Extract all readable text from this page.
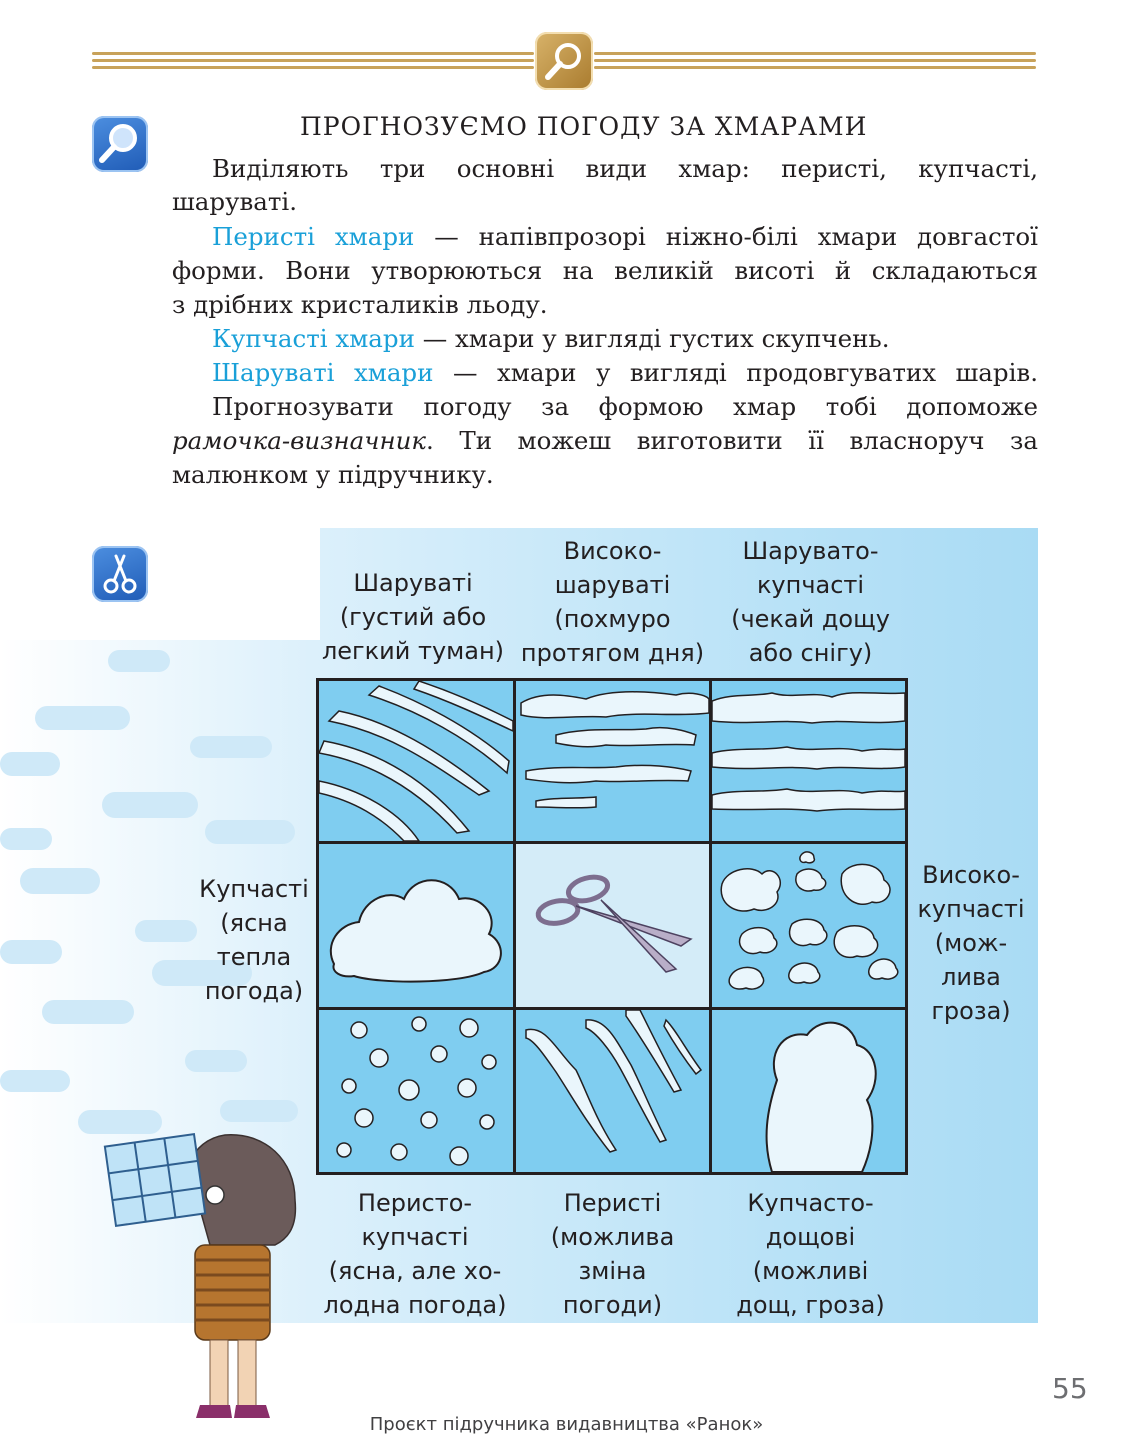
ПРОГНОЗУЄМО ПОГОДУ ЗА ХМАРАМИ
Виділяють три основні види хмар: перисті, купчасті,
шаруваті.
Перисті хмари — напівпрозорі ніжно-білі хмари довгастої
форми. Вони утворюються на великій висоті й складаються
з дрібних кристаликів льоду.
Купчасті хмари — хмари у вигляді густих скупчень.
Шаруваті хмари — хмари у вигляді продовгуватих шарів.
Прогнозувати погоду за формою хмар тобі допоможе
рамочка-визначник. Ти можеш виготовити її власноруч за
малюнком у підручнику.
Шаруваті
(густий або
легкий туман)
Високо-
шаруваті
(похмуро
протягом дня)
Шарувато-
купчасті
(чекай дощу
або снігу)
Купчасті
(ясна
тепла
погода)
Високо-
купчасті
(мож-
лива
гроза)
Перисто-
купчасті
(ясна, але хо-
лодна погода)
Перисті
(можлива
зміна
погоди)
Купчасто-
дощові
(можливі
дощ, гроза)
55
Проєкт підручника видавництва «Ранок»
